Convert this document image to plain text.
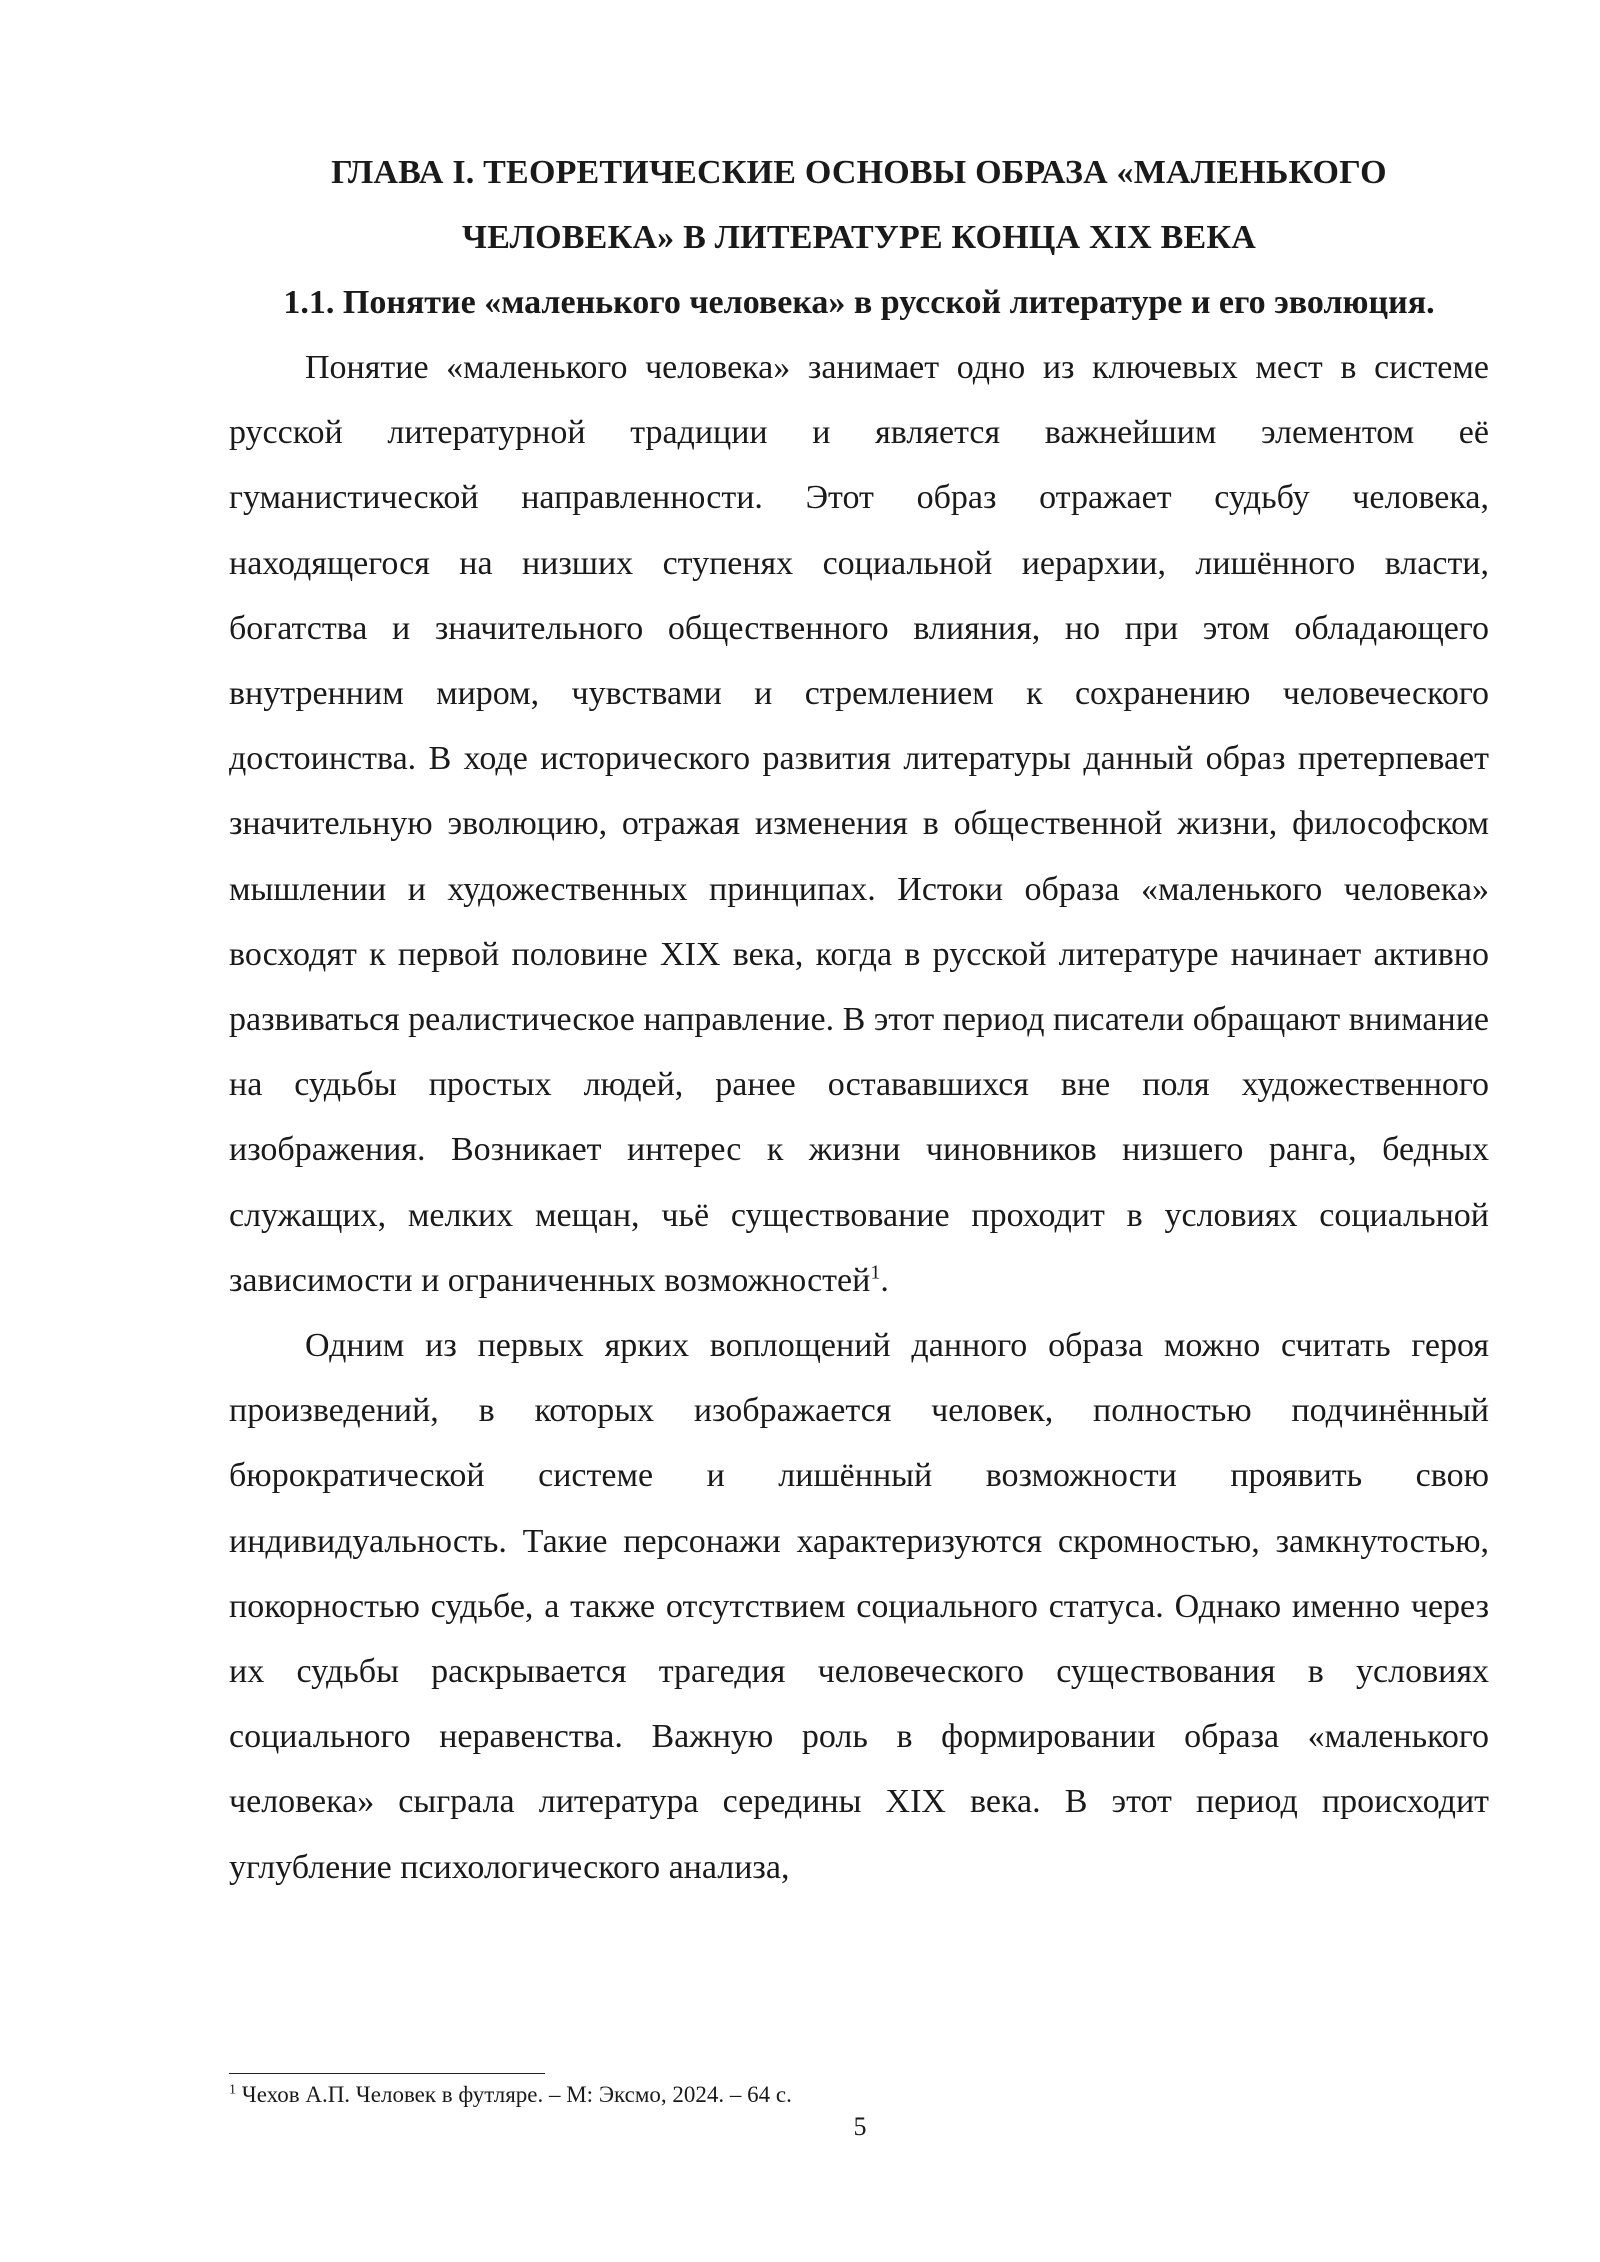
ГЛАВА I. ТЕОРЕТИЧЕСКИЕ ОСНОВЫ ОБРАЗА «МАЛЕНЬКОГО
ЧЕЛОВЕКА» В ЛИТЕРАТУРЕ КОНЦА XIX ВЕКА
1.1. Понятие «маленького человека» в русской литературе и его эволюция.

Понятие «маленького человека» занимает одно из ключевых мест в системе русской литературной традиции и является важнейшим элементом её гуманистической направленности. Этот образ отражает судьбу человека, находящегося на низших ступенях социальной иерархии, лишённого власти, богатства и значительного общественного влияния, но при этом обладающего внутренним миром, чувствами и стремлением к сохранению человеческого достоинства. В ходе исторического развития литературы данный образ претерпевает значительную эволюцию, отражая изменения в общественной жизни, философском мышлении и художественных принципах. Истоки образа «маленького человека» восходят к первой половине XIX века, когда в русской литературе начинает активно развиваться реалистическое направление. В этот период писатели обращают внимание на судьбы простых людей, ранее остававшихся вне поля художественного изображения. Возникает интерес к жизни чиновников низшего ранга, бедных служащих, мелких мещан, чьё существование проходит в условиях социальной зависимости и ограниченных возможностей$^1$.

Одним из первых ярких воплощений данного образа можно считать героя произведений, в которых изображается человек, полностью подчинённый бюрократической системе и лишённый возможности проявить свою индивидуальность. Такие персонажи характеризуются скромностью, замкнутостью, покорностью судьбе, а также отсутствием социального статуса. Однако именно через их судьбы раскрывается трагедия человеческого существования в условиях социального неравенства. Важную роль в формировании образа «маленького человека» сыграла литература середины XIX века. В этот период происходит углубление психологического анализа,

$^1$ Чехов А.П. Человек в футляре. – М: Эксмо, 2024. – 64 с.
5
